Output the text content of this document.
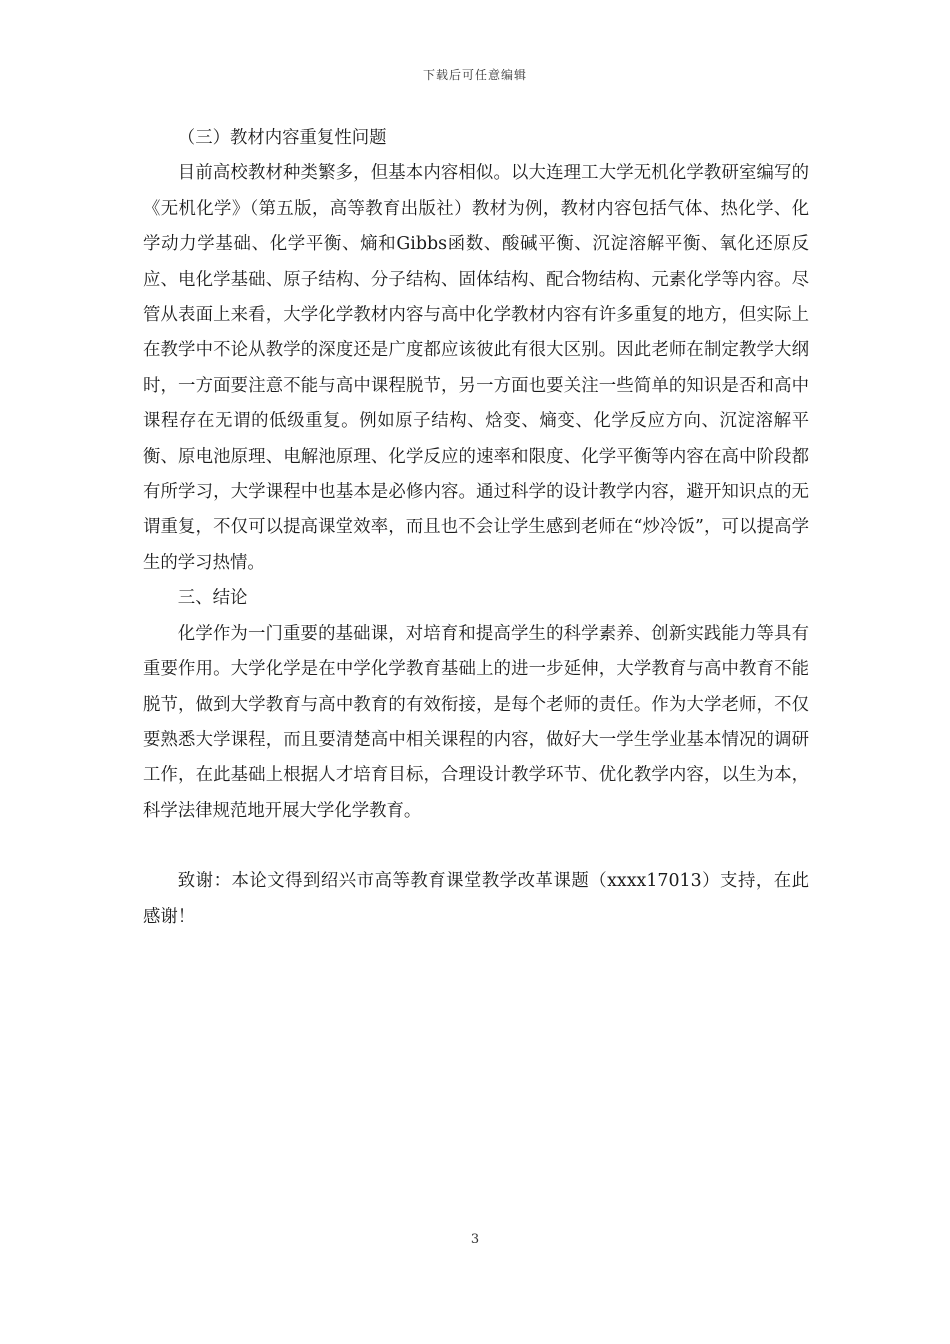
下载后可任意编辑

（三）教材内容重复性问题

目前高校教材种类繁多，但基本内容相似。以大连理工大学无机化学教研室编写的《无机化学》（第五版，高等教育出版社）教材为例，教材内容包括气体、热化学、化学动力学基础、化学平衡、熵和Gibbs函数、酸碱平衡、沉淀溶解平衡、氧化还原反应、电化学基础、原子结构、分子结构、固体结构、配合物结构、元素化学等内容。尽管从表面上来看，大学化学教材内容与高中化学教材内容有许多重复的地方，但实际上在教学中不论从教学的深度还是广度都应该彼此有很大区别。因此老师在制定教学大纲时，一方面要注意不能与高中课程脱节，另一方面也要关注一些简单的知识是否和高中课程存在无谓的低级重复。例如原子结构、焓变、熵变、化学反应方向、沉淀溶解平衡、原电池原理、电解池原理、化学反应的速率和限度、化学平衡等内容在高中阶段都有所学习，大学课程中也基本是必修内容。通过科学的设计教学内容，避开知识点的无谓重复，不仅可以提高课堂效率，而且也不会让学生感到老师在“炒冷饭”，可以提高学生的学习热情。

三、结论

化学作为一门重要的基础课，对培育和提高学生的科学素养、创新实践能力等具有重要作用。大学化学是在中学化学教育基础上的进一步延伸，大学教育与高中教育不能脱节，做到大学教育与高中教育的有效衔接，是每个老师的责任。作为大学老师，不仅要熟悉大学课程，而且要清楚高中相关课程的内容，做好大一学生学业基本情况的调研工作，在此基础上根据人才培育目标，合理设计教学环节、优化教学内容，以生为本，科学法律规范地开展大学化学教育。

致谢：本论文得到绍兴市高等教育课堂教学改革课题（xxxx17013）支持，在此感谢！

3
